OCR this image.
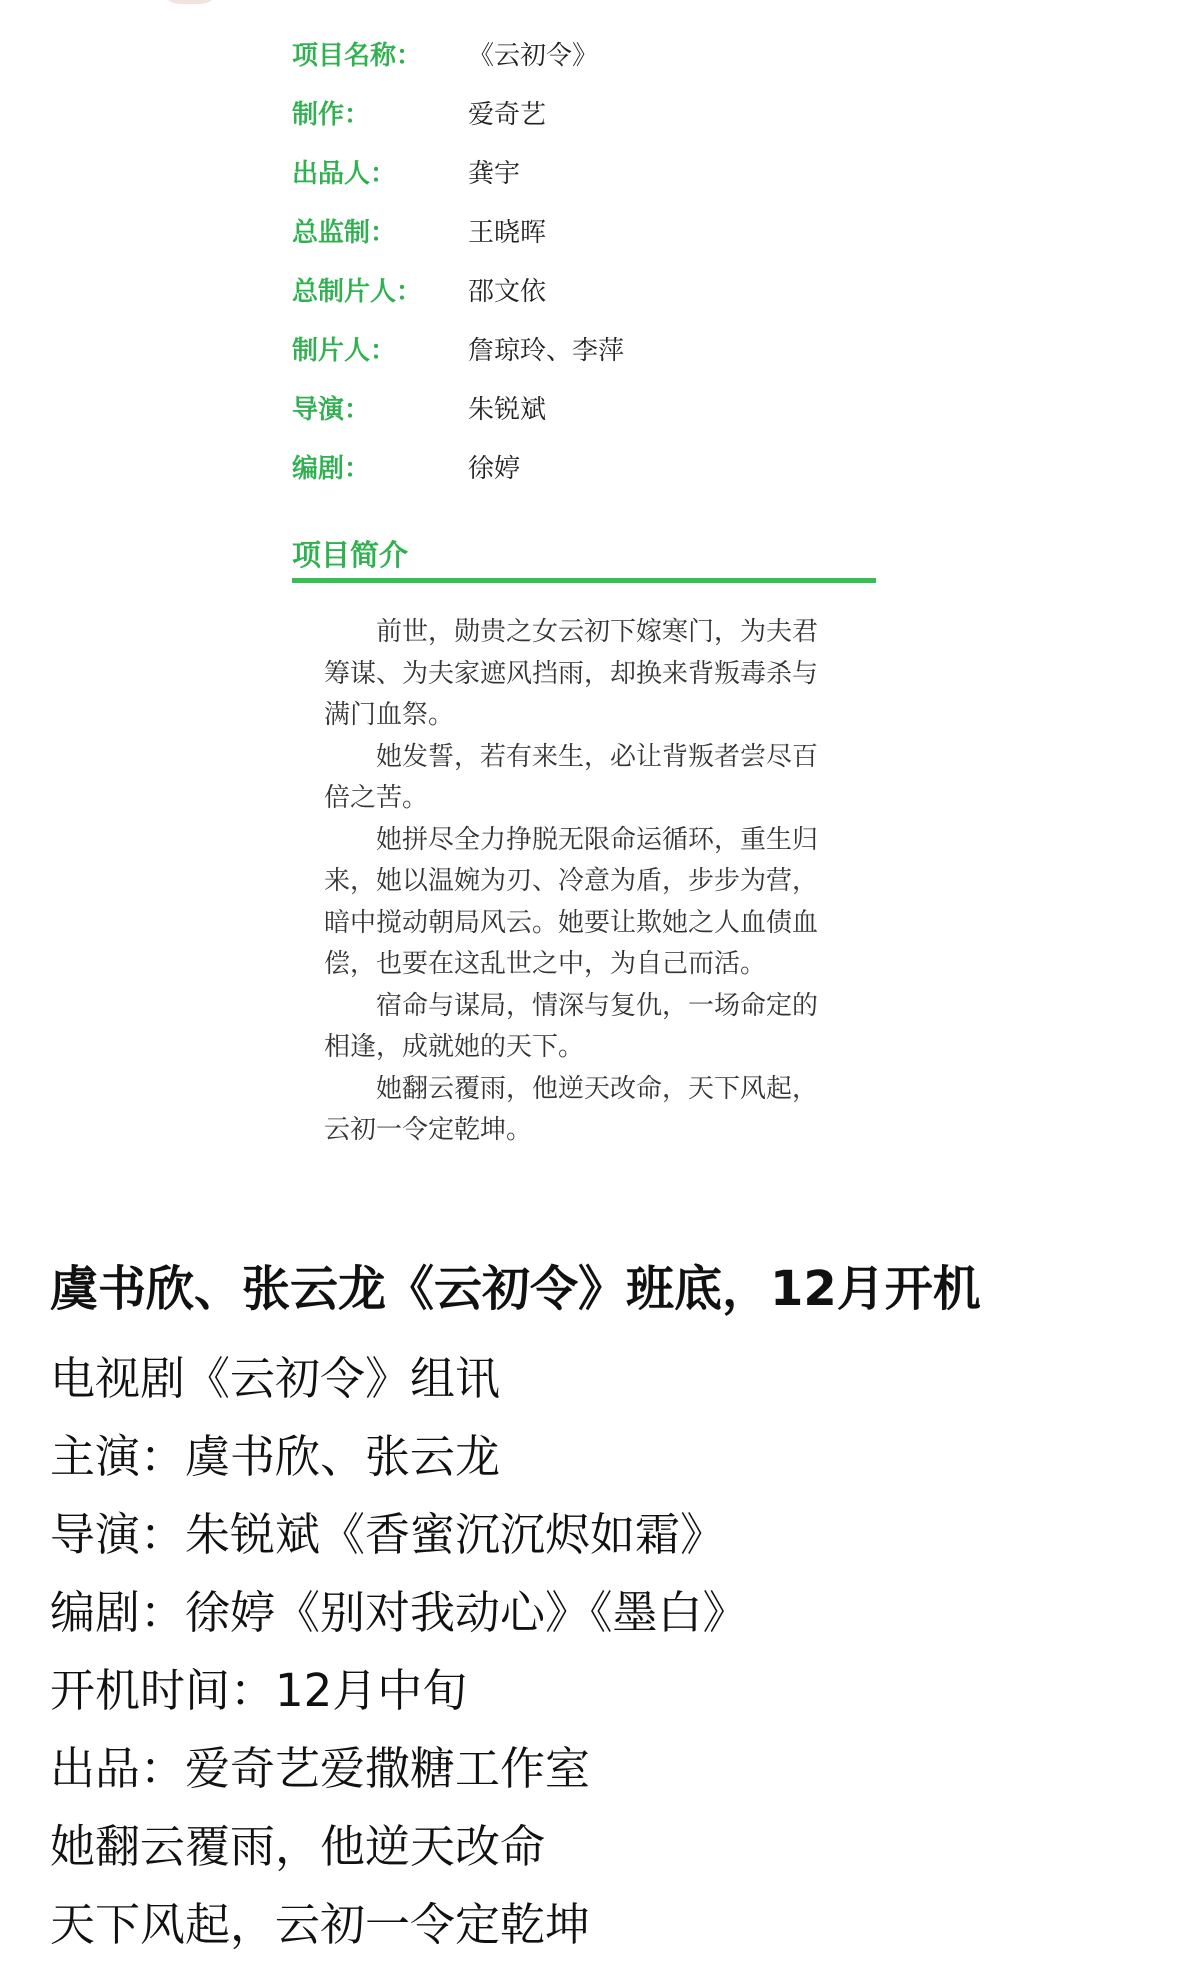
项目名称：	《云初令》
制作：	爱奇艺
出品人：	龚宇
总监制：	王晓晖
总制片人：	邵文依
制片人：	詹琼玲、李萍
导演：	朱锐斌
编剧：	徐婷
项目简介

前世，勋贵之女云初下嫁寒门，为夫君筹谋、为夫家遮风挡雨，却换来背叛毒杀与满门血祭。

她发誓，若有来生，必让背叛者尝尽百倍之苦。

她拼尽全力挣脱无限命运循环，重生归来，她以温婉为刃、冷意为盾，步步为营，暗中搅动朝局风云。她要让欺她之人血债血偿，也要在这乱世之中，为自己而活。

宿命与谋局，情深与复仇，一场命定的相逢，成就她的天下。

她翻云覆雨，他逆天改命，天下风起，云初一令定乾坤。

虞书欣、张云龙《云初令》班底，12月开机
电视剧《云初令》组讯
主演：虞书欣、张云龙
导演：朱锐斌《香蜜沉沉烬如霜》
编剧：徐婷《别对我动心》《墨白》
开机时间：12月中旬
出品：爱奇艺爱撒糖工作室
她翻云覆雨，他逆天改命
天下风起，云初一令定乾坤
